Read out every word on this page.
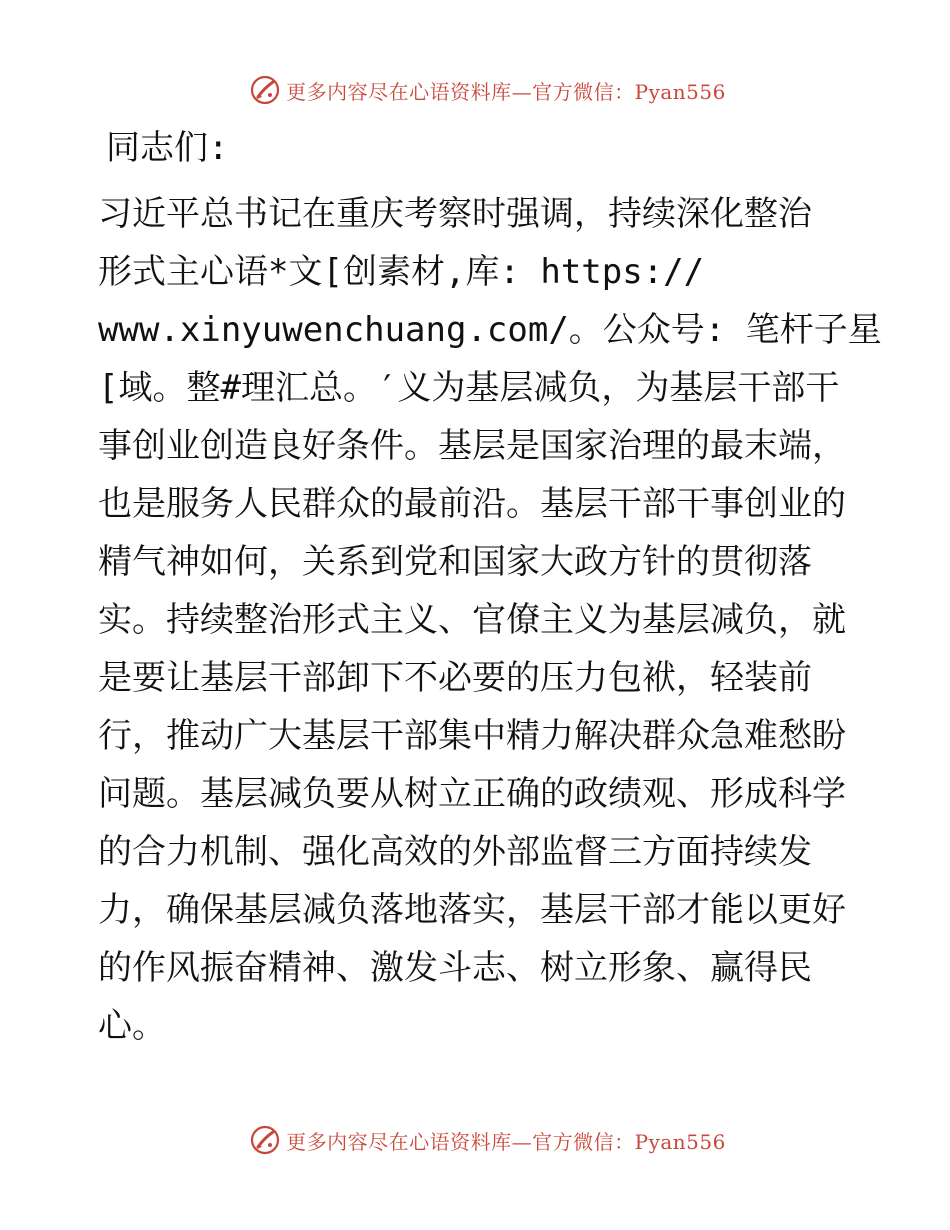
更多内容尽在心语资料库—官方微信：Pyan556

同志们:

习近平总书记在重庆考察时强调，持续深化整治

形式主心语*文[创素材,库: https://

www.xinyuwenchuang.com/。公众号: 笔杆子星

[域。整#理汇总。′义为基层减负，为基层干部干

事创业创造良好条件。基层是国家治理的最末端，

也是服务人民群众的最前沿。基层干部干事创业的

精气神如何，关系到党和国家大政方针的贯彻落

实。持续整治形式主义、官僚主义为基层减负，就

是要让基层干部卸下不必要的压力包袱，轻装前

行，推动广大基层干部集中精力解决群众急难愁盼

问题。基层减负要从树立正确的政绩观、形成科学

的合力机制、强化高效的外部监督三方面持续发

力，确保基层减负落地落实，基层干部才能以更好

的作风振奋精神、激发斗志、树立形象、赢得民

心。

更多内容尽在心语资料库—官方微信：Pyan556
